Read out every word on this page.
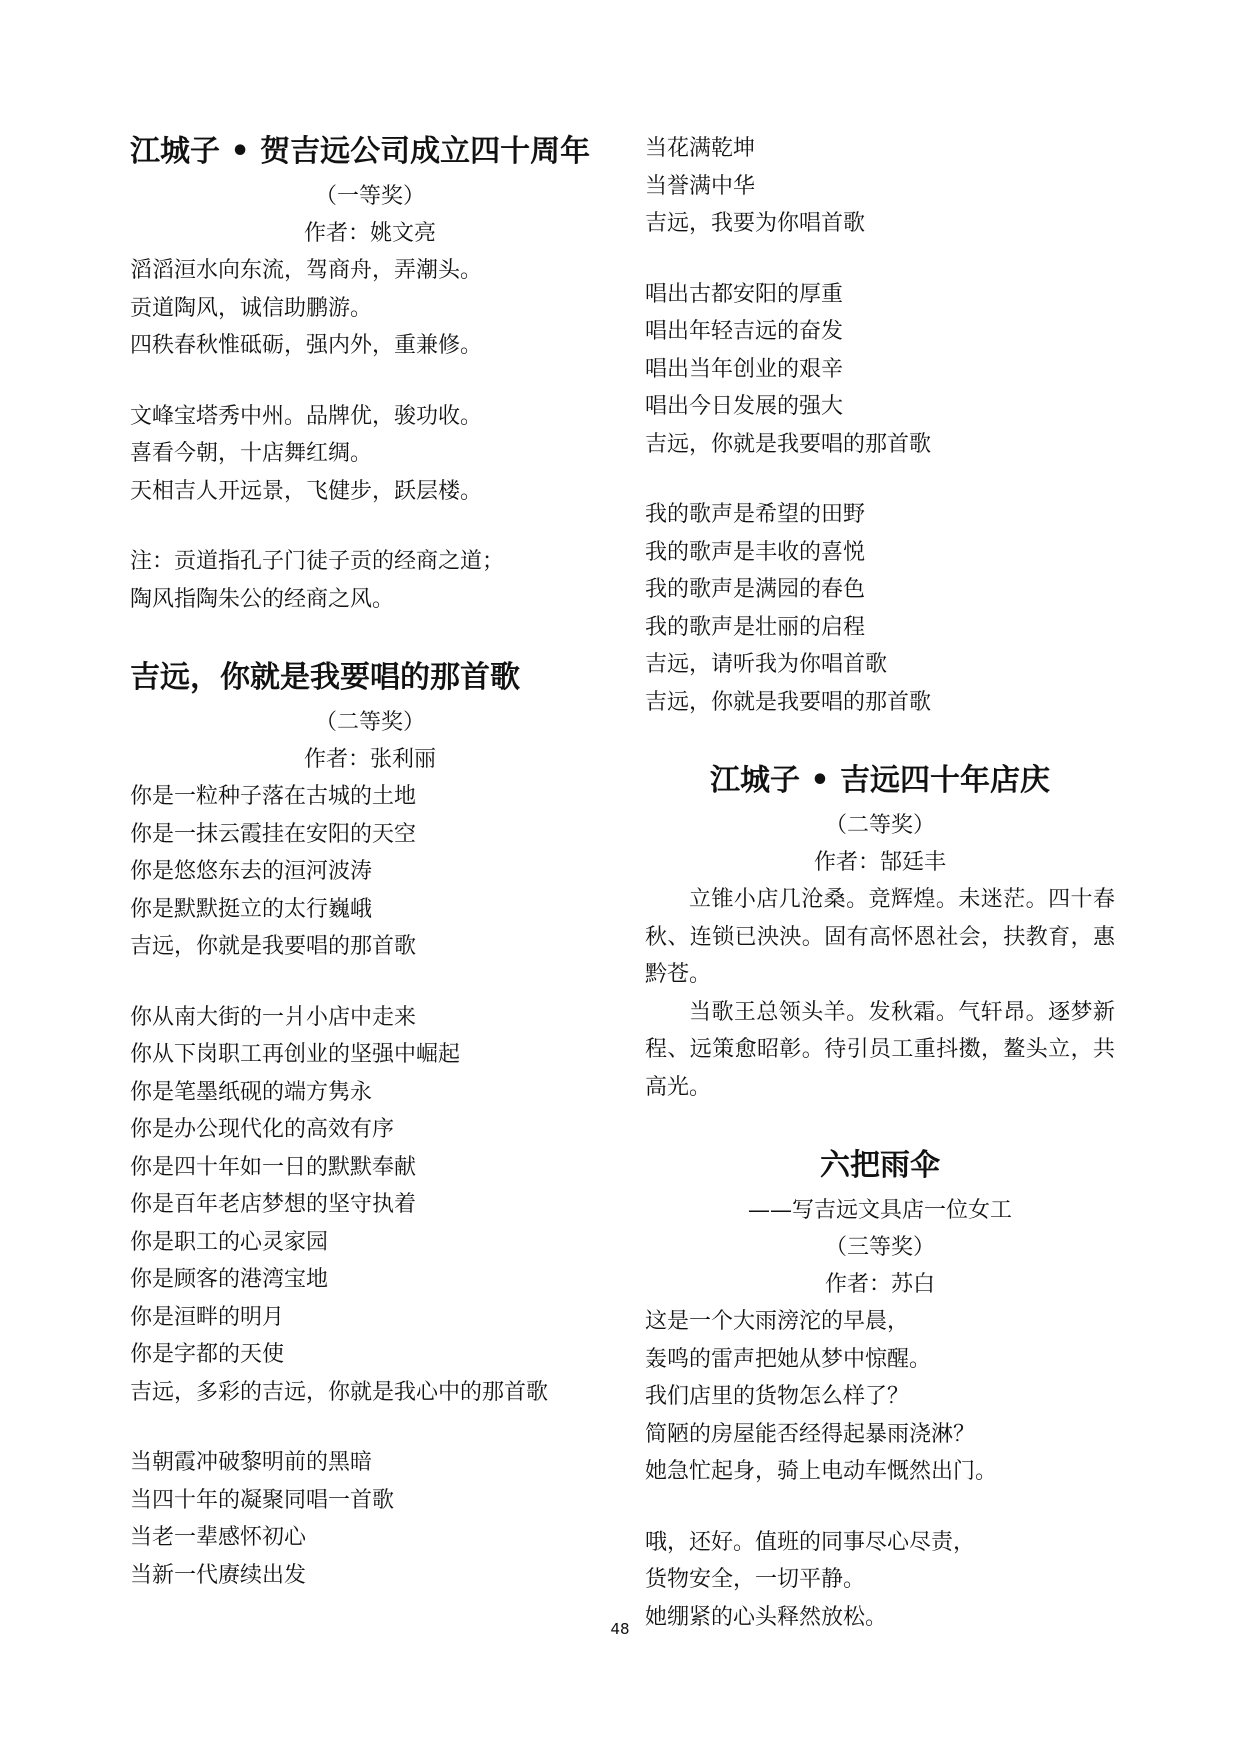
江城子 • 贺吉远公司成立四十周年

（一等奖）

作者：姚文亮

滔滔洹水向东流，驾商舟，弄潮头。

贡道陶风，诚信助鹏游。

四秩春秋惟砥砺，强内外，重兼修。

文峰宝塔秀中州。品牌优，骏功收。

喜看今朝，十店舞红绸。

天相吉人开远景，飞健步，跃层楼。

注：贡道指孔子门徒子贡的经商之道；

陶风指陶朱公的经商之风。

吉远，你就是我要唱的那首歌

（二等奖）

作者：张利丽

你是一粒种子落在古城的土地

你是一抹云霞挂在安阳的天空

你是悠悠东去的洹河波涛

你是默默挺立的太行巍峨

吉远，你就是我要唱的那首歌

你从南大街的一爿小店中走来

你从下岗职工再创业的坚强中崛起

你是笔墨纸砚的端方隽永

你是办公现代化的高效有序

你是四十年如一日的默默奉献

你是百年老店梦想的坚守执着

你是职工的心灵家园

你是顾客的港湾宝地

你是洹畔的明月

你是字都的天使

吉远，多彩的吉远，你就是我心中的那首歌

当朝霞冲破黎明前的黑暗

当四十年的凝聚同唱一首歌

当老一辈感怀初心

当新一代赓续出发

当花满乾坤

当誉满中华

吉远，我要为你唱首歌

唱出古都安阳的厚重

唱出年轻吉远的奋发

唱出当年创业的艰辛

唱出今日发展的强大

吉远，你就是我要唱的那首歌

我的歌声是希望的田野

我的歌声是丰收的喜悦

我的歌声是满园的春色

我的歌声是壮丽的启程

吉远，请听我为你唱首歌

吉远，你就是我要唱的那首歌

江城子 • 吉远四十年店庆

（二等奖）

作者：郜廷丰

立锥小店几沧桑。竞辉煌。未迷茫。四十春秋、连锁已泱泱。固有高怀恩社会，扶教育，惠黔苍。

当歌王总领头羊。发秋霜。气轩昂。逐梦新程、远策愈昭彰。待引员工重抖擞，鳌头立，共高光。

六把雨伞

——写吉远文具店一位女工

（三等奖）

作者：苏白

这是一个大雨滂沱的早晨，

轰鸣的雷声把她从梦中惊醒。

我们店里的货物怎么样了？

简陋的房屋能否经得起暴雨浇淋？

她急忙起身，骑上电动车慨然出门。

哦，还好。值班的同事尽心尽责，

货物安全，一切平静。

她绷紧的心头释然放松。

48
